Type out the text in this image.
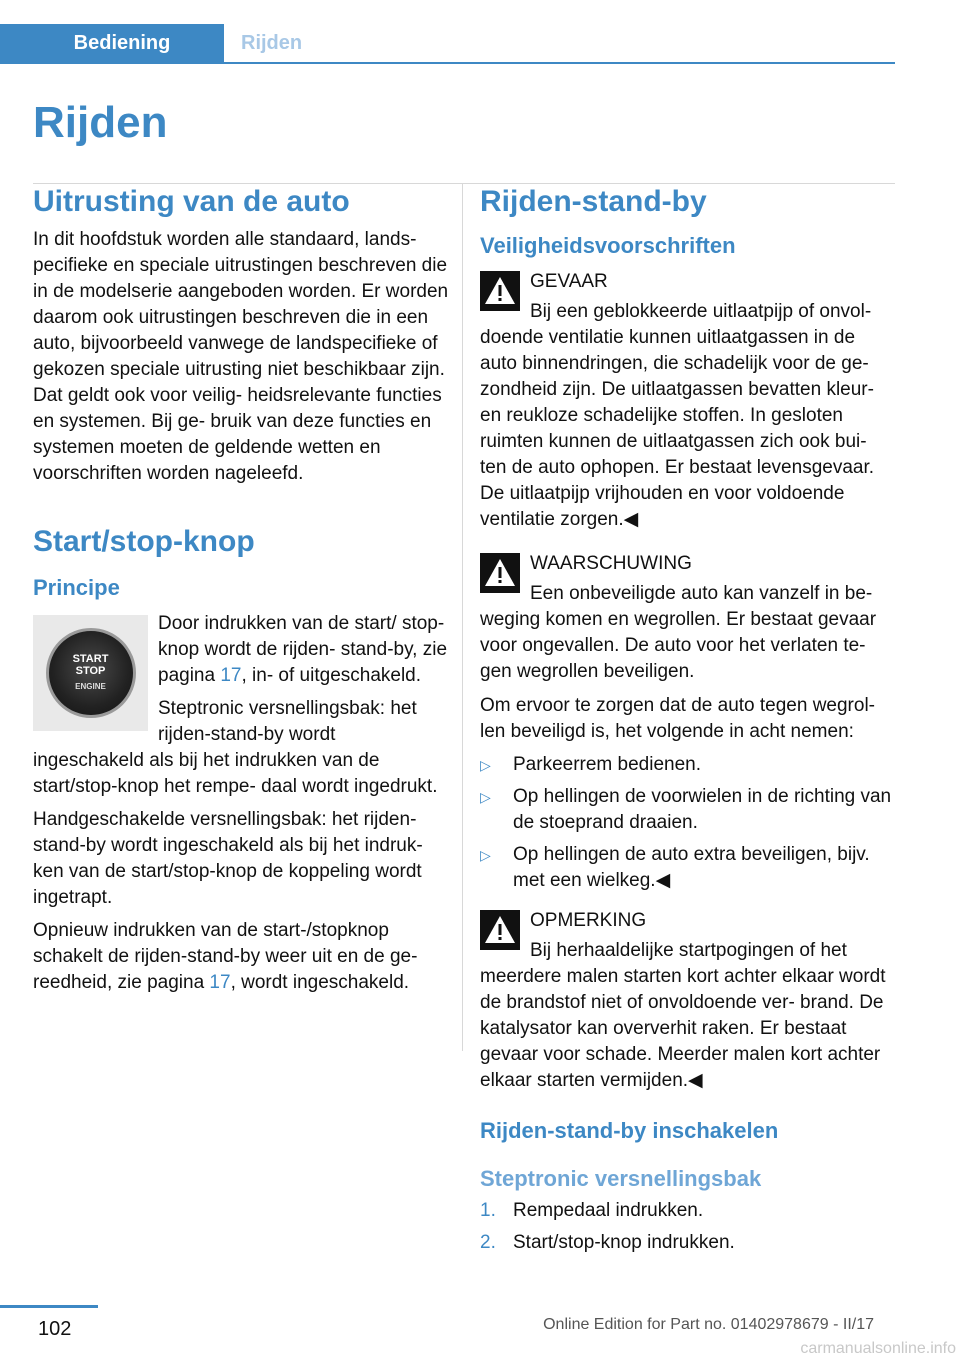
Bediening	Rijden
Rijden
Uitrusting van de auto

In dit hoofdstuk worden alle standaard, lands‐ pecifieke en speciale uitrustingen beschreven die in de modelserie aangeboden worden. Er worden daarom ook uitrustingen beschreven die in een auto, bijvoorbeeld vanwege de landspecifieke of gekozen speciale uitrusting niet beschikbaar zijn. Dat geldt ook voor veilig‐ heidsrelevante functies en systemen. Bij ge‐ bruik van deze functies en systemen moeten de geldende wetten en voorschriften worden nageleefd.

Start/stop-knop
Principe
START
STOP
ENGINE

Door indrukken van de start/ stop-knop wordt de rijden‐ stand-by, zie pagina 17, in- of uitgeschakeld.

Steptronic versnellingsbak: het rijden-stand-by wordt ingeschakeld als bij het indrukken van de start/stop-knop het rempe‐ daal wordt ingedrukt.

Handgeschakelde versnellingsbak: het rijden‐ stand-by wordt ingeschakeld als bij het indruk‐ ken van de start/stop-knop de koppeling wordt ingetrapt.

Opnieuw indrukken van de start-/stopknop schakelt de rijden-stand-by weer uit en de ge‐ reedheid, zie pagina 17, wordt ingeschakeld.

Rijden-stand-by
Veiligheidsvoorschriften

GEVAAR

Bij een geblokkeerde uitlaatpijp of onvol‐ doende ventilatie kunnen uitlaatgassen in de auto binnendringen, die schadelijk voor de ge‐ zondheid zijn. De uitlaatgassen bevatten kleur‐ en reukloze schadelijke stoffen. In gesloten ruimten kunnen de uitlaatgassen zich ook bui‐ ten de auto ophopen. Er bestaat levensgevaar. De uitlaatpijp vrijhouden en voor voldoende ventilatie zorgen.◀

WAARSCHUWING

Een onbeveiligde auto kan vanzelf in be‐ weging komen en wegrollen. Er bestaat gevaar voor ongevallen. De auto voor het verlaten te‐ gen wegrollen beveiligen.

Om ervoor te zorgen dat de auto tegen wegrol‐ len beveiligd is, het volgende in acht nemen:

▷ Parkeerrem bedienen.
▷ Op hellingen de voorwielen in de richting van de stoeprand draaien.
▷ Op hellingen de auto extra beveiligen, bijv. met een wielkeg.◀

OPMERKING

Bij herhaaldelijke startpogingen of het meerdere malen starten kort achter elkaar wordt de brandstof niet of onvoldoende ver‐ brand. De katalysator kan oververhit raken. Er bestaat gevaar voor schade. Meerder malen kort achter elkaar starten vermijden.◀

Rijden-stand-by inschakelen
Steptronic versnellingsbak
1. Rempedaal indrukken.
2. Start/stop-knop indrukken.
102	Online Edition for Part no. 01402978679 - II/17
carmanualsonline.info
